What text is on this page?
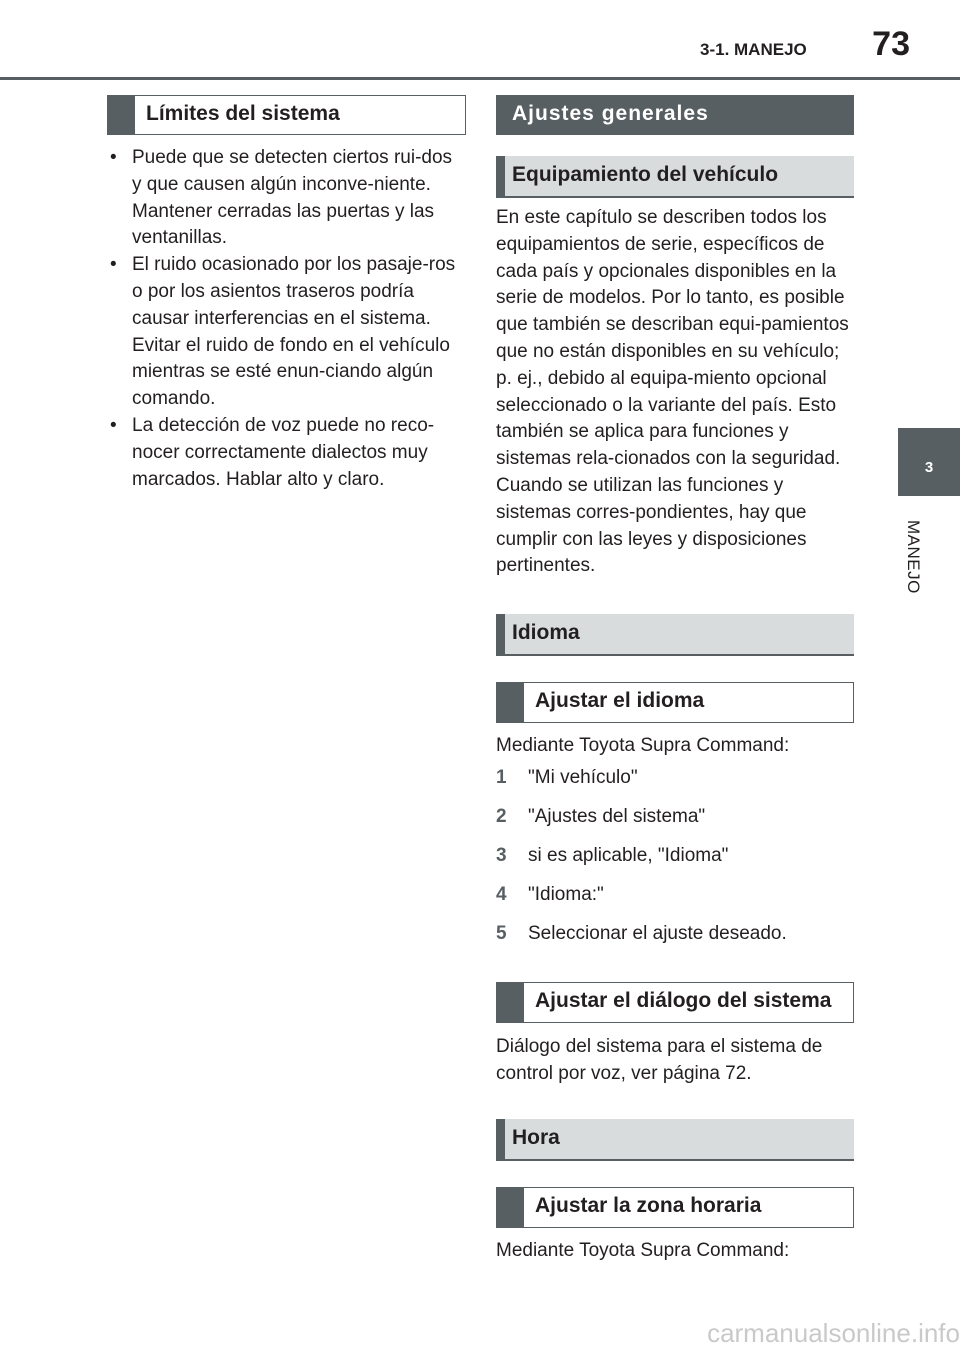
3-1. MANEJO	73
3
MANEJO
Límites del sistema
• Puede que se detecten ciertos rui-dos y que causen algún inconve-niente. Mantener cerradas las puertas y las ventanillas.
• El ruido ocasionado por los pasaje-ros o por los asientos traseros podría causar interferencias en el sistema. Evitar el ruido de fondo en el vehículo mientras se esté enun-ciando algún comando.
• La detección de voz puede no reco-nocer correctamente dialectos muy marcados. Hablar alto y claro.
Ajustes generales
Equipamiento del vehículo
En este capítulo se describen todos los equipamientos de serie, específicos de cada país y opcionales disponibles en la serie de modelos. Por lo tanto, es posible que también se describan equi-pamientos que no están disponibles en su vehículo; p. ej., debido al equipa-miento opcional seleccionado o la variante del país. Esto también se aplica para funciones y sistemas rela-cionados con la seguridad. Cuando se utilizan las funciones y sistemas corres-pondientes, hay que cumplir con las leyes y disposiciones pertinentes.
Idioma
Ajustar el idioma
Mediante Toyota Supra Command:
1 "Mi vehículo"
2 "Ajustes del sistema"
3 si es aplicable, "Idioma"
4 "Idioma:"
5 Seleccionar el ajuste deseado.
Ajustar el diálogo del sistema
Diálogo del sistema para el sistema de control por voz, ver página 72.
Hora
Ajustar la zona horaria
Mediante Toyota Supra Command:
carmanualsonline.info
